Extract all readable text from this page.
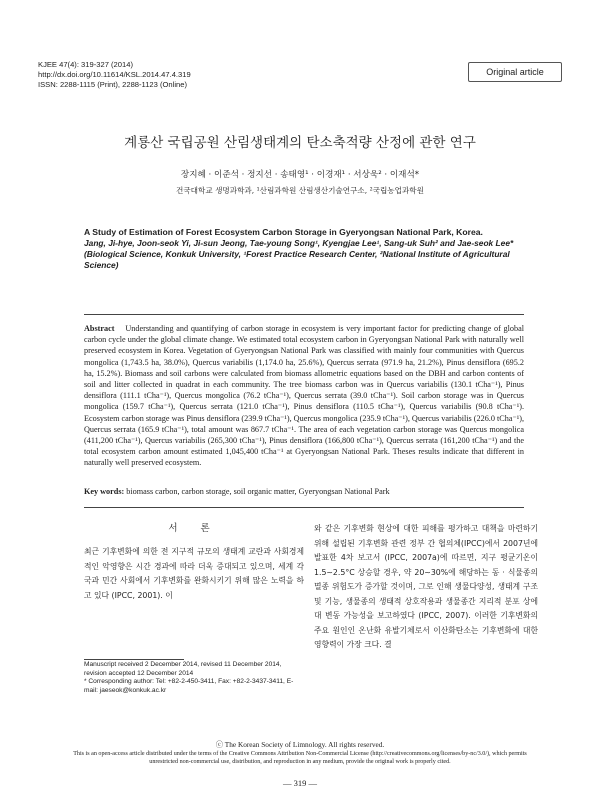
KJEE 47(4): 319-327 (2014)
http://dx.doi.org/10.11614/KSL.2014.47.4.319
ISSN: 2288-1115 (Print), 2288-1123 (Online)
Original article
계룡산 국립공원 산림생태계의 탄소축적량 산정에 관한 연구
장지혜 · 이준석 · 정지선 · 송태영¹ · 이경재¹ · 서상욱² · 이재석*
건국대학교 생명과학과, ¹산림과학원 산림생산기술연구소, ²국립농업과학원
A Study of Estimation of Forest Ecosystem Carbon Storage in Gyeryongsan National Park, Korea.
Jang, Ji-hye, Joon-seok Yi, Ji-sun Jeong, Tae-young Song¹, Kyengjae Lee¹, Sang-uk Suh² and Jae-seok Lee* (Biological Science, Konkuk University, ¹Forest Practice Research Center, ²National Institute of Agricultural Science)
Abstract Understanding and quantifying of carbon storage in ecosystem is very important factor for predicting change of global carbon cycle under the global climate change. We estimated total ecosystem carbon in Gyeryongsan National Park with naturally well preserved ecosystem in Korea. Vegetation of Gyeryongsan National Park was classified with mainly four communities with Quercus mongolica (1,743.5 ha, 38.0%), Quercus variabilis (1,174.0 ha, 25.6%), Quercus serrata (971.9 ha, 21.2%), Pinus densiflora (695.2 ha, 15.2%). Biomass and soil carbons were calculated from biomass allometric equations based on the DBH and carbon contents of soil and litter collected in quadrat in each community. The tree biomass carbon was in Quercus variabilis (130.1 tCha⁻¹), Pinus densiflora (111.1 tCha⁻¹), Quercus mongolica (76.2 tCha⁻¹), Quercus serrata (39.0 tCha⁻¹). Soil carbon storage was in Quercus mongolica (159.7 tCha⁻¹), Quercus serrata (121.0 tCha⁻¹), Pinus densiflora (110.5 tCha⁻¹), Quercus variabilis (90.8 tCha⁻¹). Ecosystem carbon storage was Pinus densiflora (239.9 tCha⁻¹), Quercus mongolica (235.9 tCha⁻¹), Quercus variabilis (226.0 tCha⁻¹), Quercus serrata (165.9 tCha⁻¹), total amount was 867.7 tCha⁻¹. The area of each vegetation carbon storage was Quercus mongolica (411,200 tCha⁻¹), Quercus variabilis (265,300 tCha⁻¹), Pinus densiflora (166,800 tCha⁻¹), Quercus serrata (161,200 tCha⁻¹) and the total ecosystem carbon amount estimated 1,045,400 tCha⁻¹ at Gyeryongsan National Park. Theses results indicate that different in naturally well preserved ecosystem.
Key words: biomass carbon, carbon storage, soil organic matter, Gyeryongsan National Park
서 론
최근 기후변화에 의한 전 지구적 규모의 생태계 교란과 사회경제적인 악영향은 시간 경과에 따라 더욱 증대되고 있으며, 세계 각국과 민간 사회에서 기후변화를 완화시키기 위해 많은 노력을 하고 있다 (IPCC, 2001). 이
와 같은 기후변화 현상에 대한 피해를 평가하고 대책을 마련하기 위해 설립된 기후변화 관련 정부 간 협의체(IPCC)에서 2007년에 발표한 4차 보고서 (IPCC, 2007a)에 따르면, 지구 평균기온이 1.5∼2.5°C 상승할 경우, 약 20∼30%에 해당하는 동 · 식물종의 멸종 위험도가 증가할 것이며, 그로 인해 생물다양성, 생태계 구조 및 기능, 생물종의 생태적 상호작용과 생물종간 지리적 분포 상에 대 변동 가능성을 보고하였다 (IPCC, 2007). 이러한 기후변화의 주요 원인인 온난화 유발기체로서 이산화탄소는 기후변화에 대한 영향력이 가장 크다. 결
Manuscript received 2 December 2014, revised 11 December 2014, revision accepted 12 December 2014
* Corresponding author: Tel: +82-2-450-3411, Fax: +82-2-3437-3411, E-mail: jaeseok@konkuk.ac.kr
ⓒ The Korean Society of Limnology. All rights reserved.
This is an open-access article distributed under the terms of the Creative Commons Attribution Non-Commercial License (http://creativecommons.org/licenses/by-nc/3.0/), which permits unrestricted non-commercial use, distribution, and reproduction in any medium, provide the original work is properly cited.
— 319 —
